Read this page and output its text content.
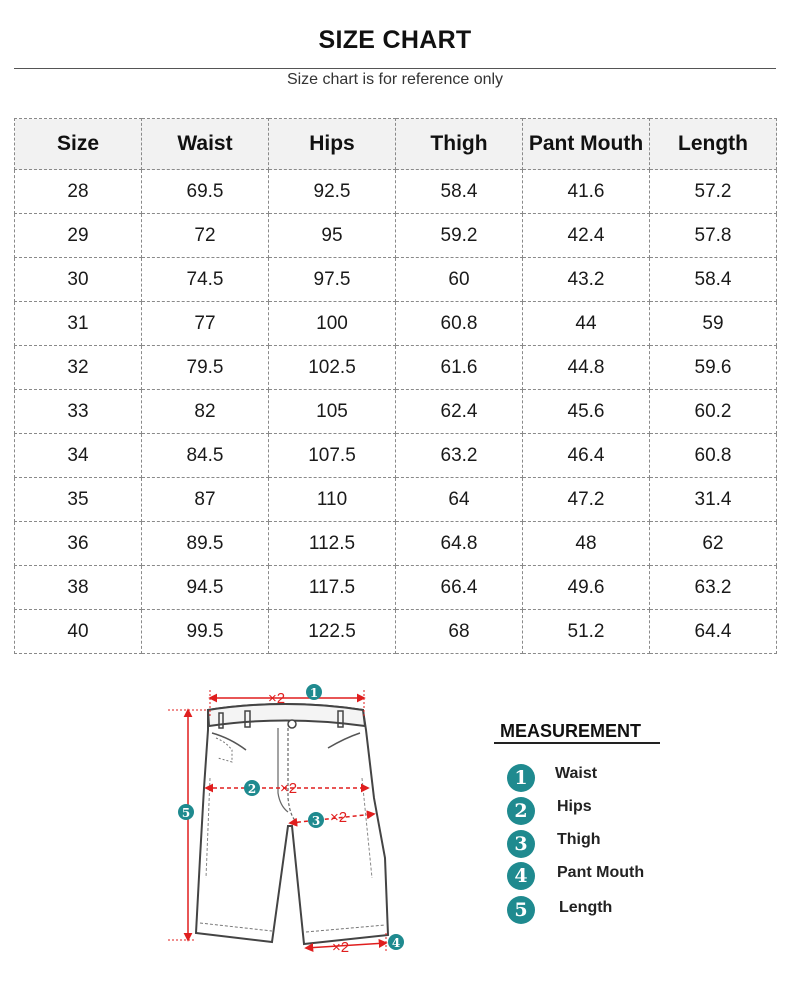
SIZE CHART
Size chart is for reference only
Size	Waist	Hips	Thigh	Pant Mouth	Length
28	69.5	92.5	58.4	41.6	57.2
29	72	95	59.2	42.4	57.8
30	74.5	97.5	60	43.2	58.4
31	77	100	60.8	44	59
32	79.5	102.5	61.6	44.8	59.6
33	82	105	62.4	45.6	60.2
34	84.5	107.5	63.2	46.4	60.8
35	87	110	64	47.2	31.4
36	89.5	112.5	64.8	48	62
38	94.5	117.5	66.4	49.6	63.2
40	99.5	122.5	68	51.2	64.4
×2 1
2 ×2
3 ×2
×2	4
5
MEASUREMENT
1	Waist
2	Hips
3	Thigh
4	Pant Mouth
5	Length
